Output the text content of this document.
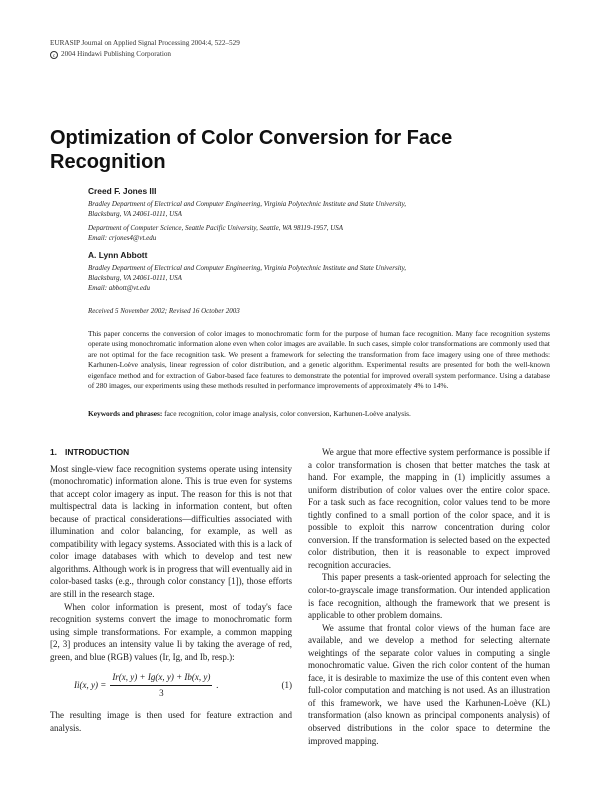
EURASIP Journal on Applied Signal Processing 2004:4, 522–529
c 2004 Hindawi Publishing Corporation
Optimization of Color Conversion for Face Recognition

Creed F. Jones III

Bradley Department of Electrical and Computer Engineering, Virginia Polytechnic Institute and State University,

Blacksburg, VA 24061-0111, USA

Department of Computer Science, Seattle Pacific University, Seattle, WA 98119-1957, USA

Email: crjones4@vt.edu

A. Lynn Abbott

Bradley Department of Electrical and Computer Engineering, Virginia Polytechnic Institute and State University,

Blacksburg, VA 24061-0111, USA

Email: abbott@vt.edu

Received 5 November 2002; Revised 16 October 2003

This paper concerns the conversion of color images to monochromatic form for the purpose of human face recognition. Many face recognition systems operate using monochromatic information alone even when color images are available. In such cases, simple color transformations are commonly used that are not optimal for the face recognition task. We present a framework for selecting the transformation from face imagery using one of three methods: Karhunen-Loève analysis, linear regression of color distribution, and a genetic algorithm. Experimental results are presented for both the well-known eigenface method and for extraction of Gabor-based face features to demonstrate the potential for improved overall system performance. Using a database of 280 images, our experiments using these methods resulted in performance improvements of approximately 4% to 14%.

Keywords and phrases: face recognition, color image analysis, color conversion, Karhunen-Loève analysis.

1. INTRODUCTION

Most single-view face recognition systems operate using intensity (monochromatic) information alone. This is true even for systems that accept color imagery as input. The reason for this is not that multispectral data is lacking in information content, but often because of practical considerations—difficulties associated with illumination and color balancing, for example, as well as compatibility with legacy systems. Associated with this is a lack of color image databases with which to develop and test new algorithms. Although work is in progress that will eventually aid in color-based tasks (e.g., through color constancy [1]), those efforts are still in the research stage.

When color information is present, most of today's face recognition systems convert the image to monochromatic form using simple transformations. For example, a common mapping [2, 3] produces an intensity value Ii by taking the average of red, green, and blue (RGB) values (Ir, Ig, and Ib, resp.):

Ii(x, $y) = \frac{Ir(x, y) + Ig(x, y) + Ib(x, y)}{3}$ .	(1)

The resulting image is then used for feature extraction and analysis.

We argue that more effective system performance is possible if a color transformation is chosen that better matches the task at hand. For example, the mapping in (1) implicitly assumes a uniform distribution of color values over the entire color space. For a task such as face recognition, color values tend to be more tightly confined to a small portion of the color space, and it is possible to exploit this narrow concentration during color conversion. If the transformation is selected based on the expected color distribution, then it is reasonable to expect improved recognition accuracies.

This paper presents a task-oriented approach for selecting the color-to-grayscale image transformation. Our intended application is face recognition, although the framework that we present is applicable to other problem domains.

We assume that frontal color views of the human face are available, and we develop a method for selecting alternate weightings of the separate color values in computing a single monochromatic value. Given the rich color content of the human face, it is desirable to maximize the use of this content even when full-color computation and matching is not used. As an illustration of this framework, we have used the Karhunen-Loève (KL) transformation (also known as principal components analysis) of observed distributions in the color space to determine the improved mapping.
